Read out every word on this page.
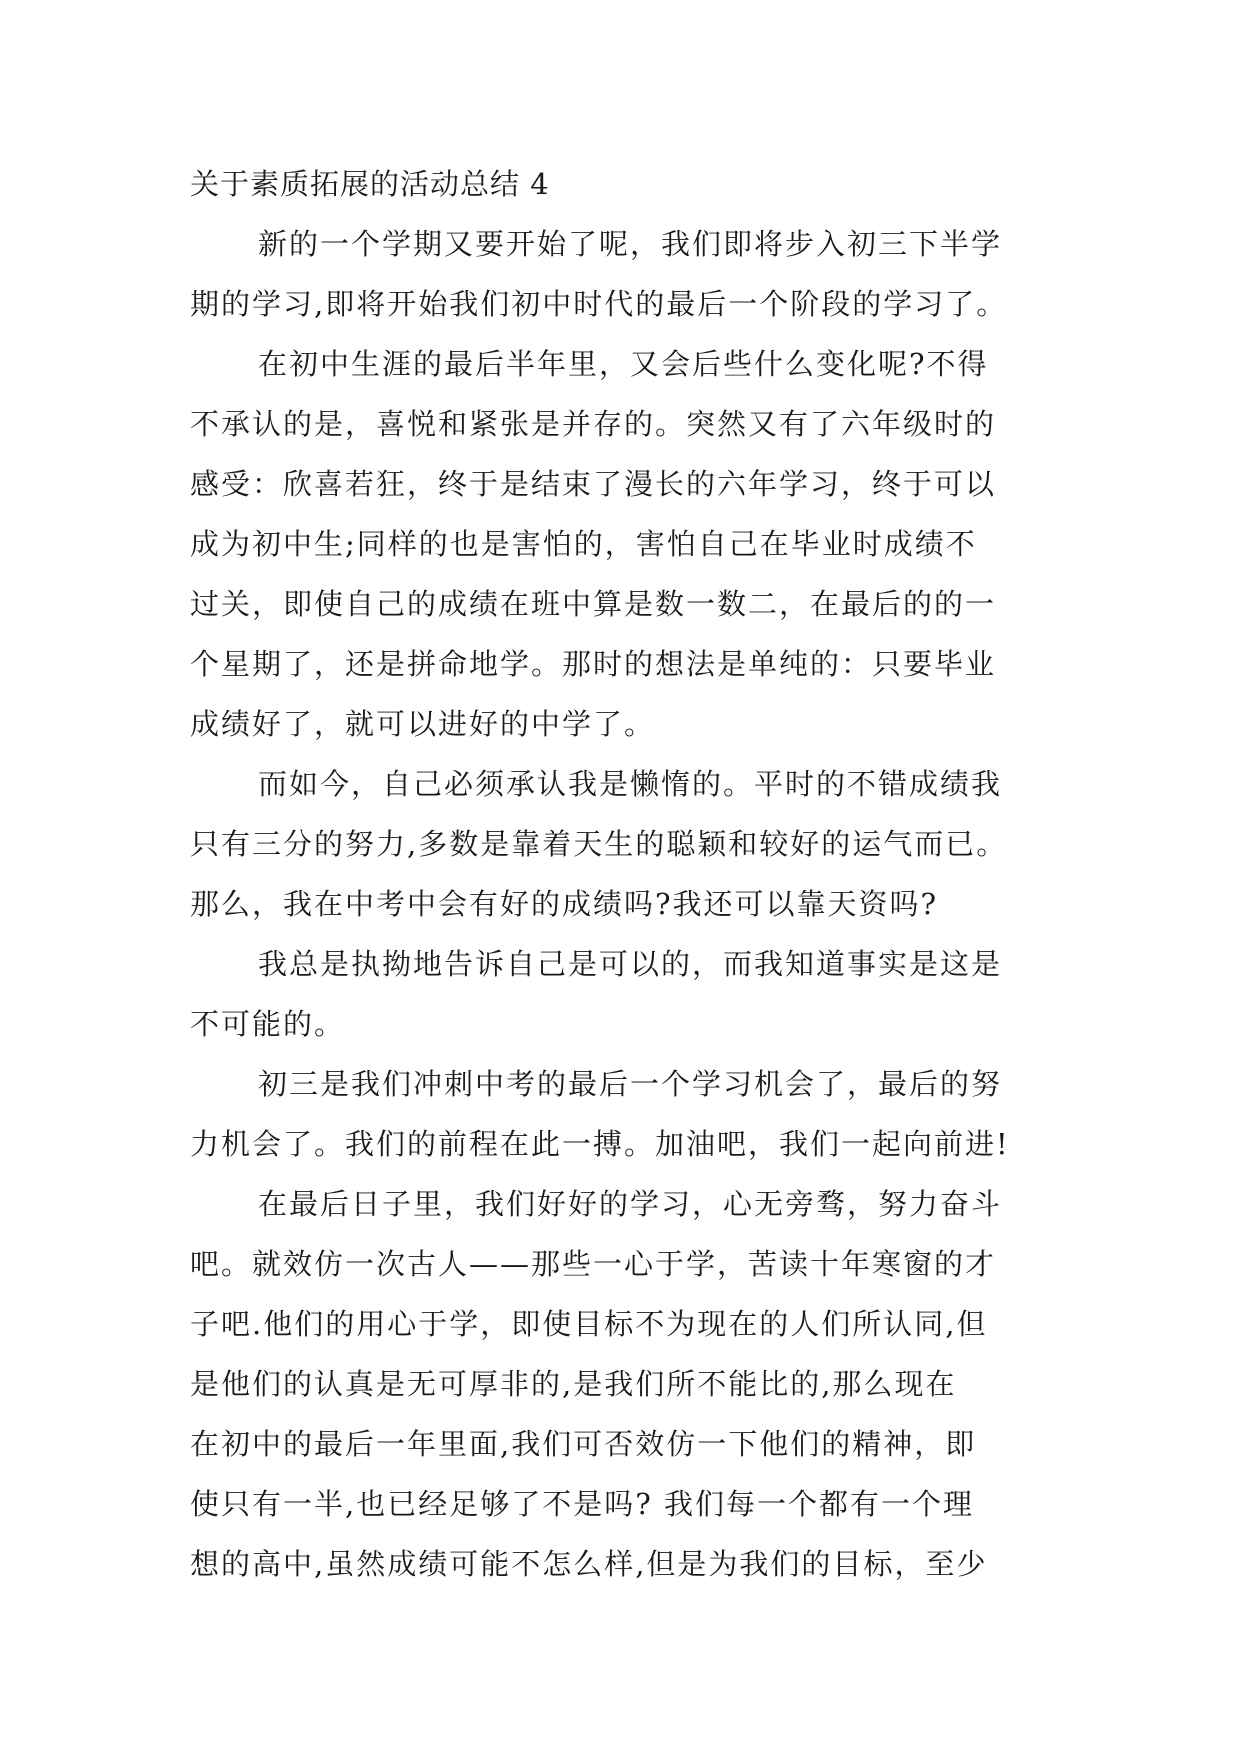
关于素质拓展的活动总结 4
新的一个学期又要开始了呢，我们即将步入初三下半学
期的学习,即将开始我们初中时代的最后一个阶段的学习了。
在初中生涯的最后半年里，又会后些什么变化呢?不得
不承认的是，喜悦和紧张是并存的。突然又有了六年级时的
感受：欣喜若狂，终于是结束了漫长的六年学习，终于可以
成为初中生;同样的也是害怕的，害怕自己在毕业时成绩不
过关，即使自己的成绩在班中算是数一数二，在最后的的一
个星期了，还是拼命地学。那时的想法是单纯的：只要毕业
成绩好了，就可以进好的中学了。
而如今，自己必须承认我是懒惰的。平时的不错成绩我
只有三分的努力,多数是靠着天生的聪颖和较好的运气而已。
那么，我在中考中会有好的成绩吗?我还可以靠天资吗?
我总是执拗地告诉自己是可以的，而我知道事实是这是
不可能的。
初三是我们冲刺中考的最后一个学习机会了，最后的努
力机会了。我们的前程在此一搏。加油吧，我们一起向前进!
在最后日子里，我们好好的学习，心无旁骛，努力奋斗
吧。就效仿一次古人——那些一心于学，苦读十年寒窗的才
子吧.他们的用心于学，即使目标不为现在的人们所认同,但
是他们的认真是无可厚非的,是我们所不能比的,那么现在
在初中的最后一年里面,我们可否效仿一下他们的精神，即
使只有一半,也已经足够了不是吗? 我们每一个都有一个理
想的高中,虽然成绩可能不怎么样,但是为我们的目标，至少
